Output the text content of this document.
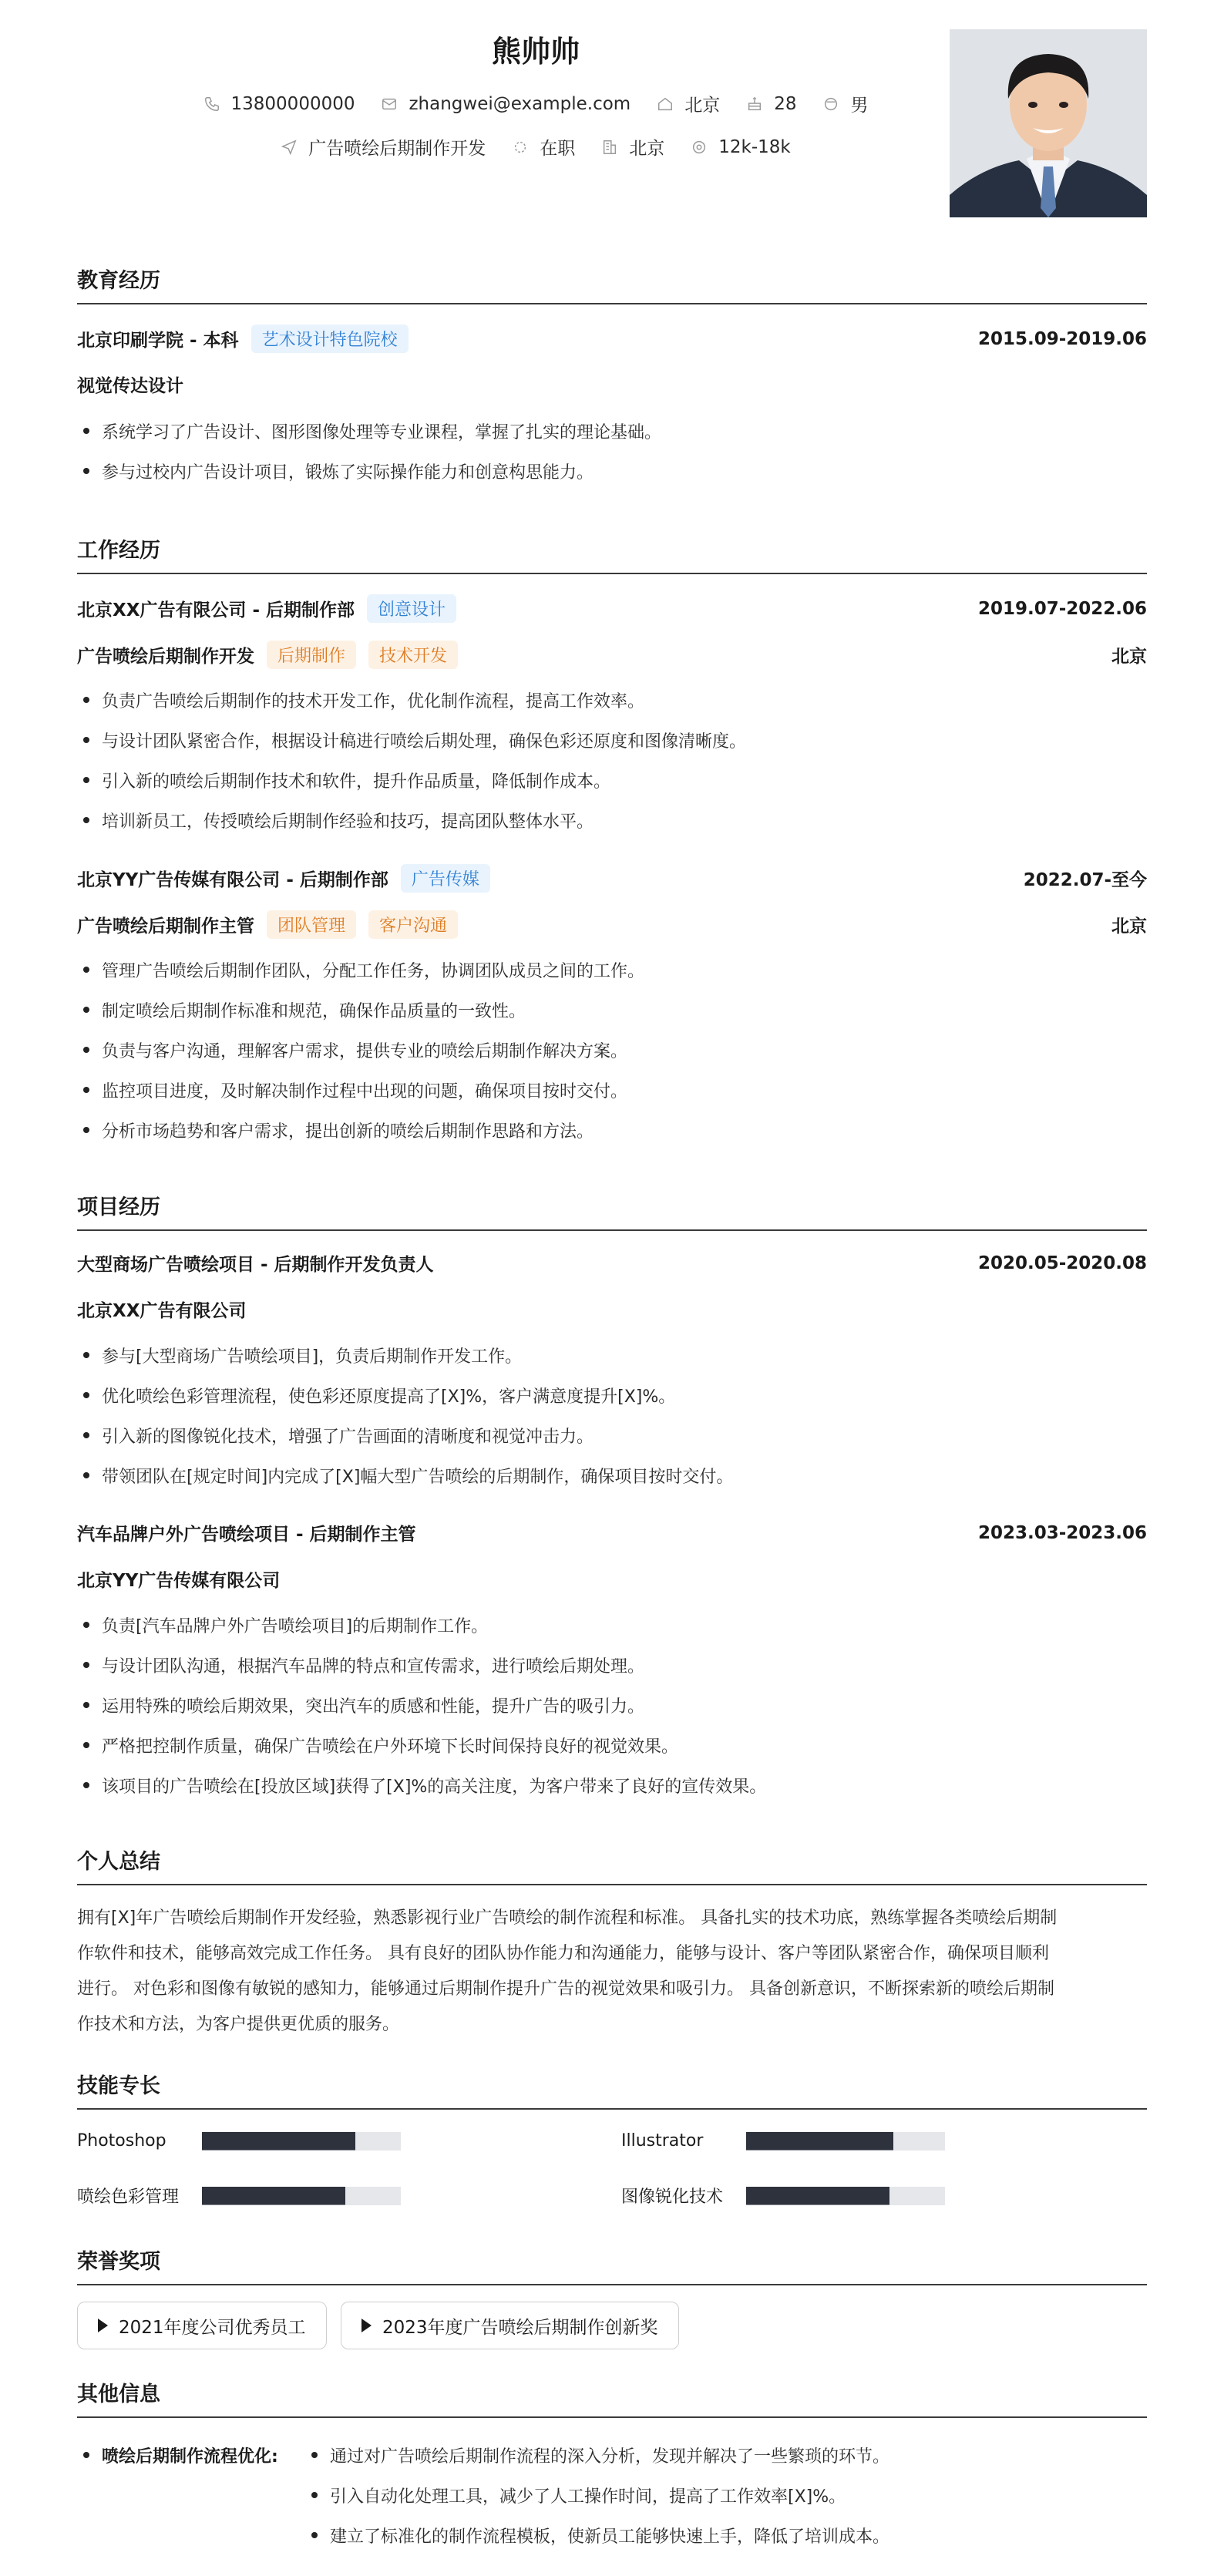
熊帅帅
13800000000	zhangwei@example.com	北京	28	男
广告喷绘后期制作开发	在职	北京	12k-18k
教育经历
北京印刷学院 - 本科	艺术设计特色院校	2015.09-2019.06
视觉传达设计
系统学习了广告设计、图形图像处理等专业课程，掌握了扎实的理论基础。
参与过校内广告设计项目，锻炼了实际操作能力和创意构思能力。
工作经历
北京XX广告有限公司 - 后期制作部	创意设计	2019.07-2022.06
广告喷绘后期制作开发	后期制作	技术开发	北京
负责广告喷绘后期制作的技术开发工作，优化制作流程，提高工作效率。
与设计团队紧密合作，根据设计稿进行喷绘后期处理，确保色彩还原度和图像清晰度。
引入新的喷绘后期制作技术和软件，提升作品质量，降低制作成本。
培训新员工，传授喷绘后期制作经验和技巧，提高团队整体水平。
北京YY广告传媒有限公司 - 后期制作部	广告传媒	2022.07-至今
广告喷绘后期制作主管	团队管理	客户沟通	北京
管理广告喷绘后期制作团队，分配工作任务，协调团队成员之间的工作。
制定喷绘后期制作标准和规范，确保作品质量的一致性。
负责与客户沟通，理解客户需求，提供专业的喷绘后期制作解决方案。
监控项目进度，及时解决制作过程中出现的问题，确保项目按时交付。
分析市场趋势和客户需求，提出创新的喷绘后期制作思路和方法。
项目经历
大型商场广告喷绘项目 - 后期制作开发负责人	2020.05-2020.08
北京XX广告有限公司
参与[大型商场广告喷绘项目]，负责后期制作开发工作。
优化喷绘色彩管理流程，使色彩还原度提高了[X]%，客户满意度提升[X]%。
引入新的图像锐化技术，增强了广告画面的清晰度和视觉冲击力。
带领团队在[规定时间]内完成了[X]幅大型广告喷绘的后期制作，确保项目按时交付。
汽车品牌户外广告喷绘项目 - 后期制作主管	2023.03-2023.06
北京YY广告传媒有限公司
负责[汽车品牌户外广告喷绘项目]的后期制作工作。
与设计团队沟通，根据汽车品牌的特点和宣传需求，进行喷绘后期处理。
运用特殊的喷绘后期效果，突出汽车的质感和性能，提升广告的吸引力。
严格把控制作质量，确保广告喷绘在户外环境下长时间保持良好的视觉效果。
该项目的广告喷绘在[投放区域]获得了[X]%的高关注度，为客户带来了良好的宣传效果。
个人总结
拥有[X]年广告喷绘后期制作开发经验，熟悉影视行业广告喷绘的制作流程和标准。 具备扎实的技术功底，熟练掌握各类喷绘后期制
作软件和技术，能够高效完成工作任务。 具有良好的团队协作能力和沟通能力，能够与设计、客户等团队紧密合作，确保项目顺利
进行。 对色彩和图像有敏锐的感知力，能够通过后期制作提升广告的视觉效果和吸引力。 具备创新意识，不断探索新的喷绘后期制
作技术和方法，为客户提供更优质的服务。
技能专长
Photoshop	Illustrator
喷绘色彩管理	图像锐化技术
荣誉奖项
2021年度公司优秀员工	2023年度广告喷绘后期制作创新奖
其他信息
喷绘后期制作流程优化:	通过对广告喷绘后期制作流程的深入分析，发现并解决了一些繁琐的环节。
引入自动化处理工具，减少了人工操作时间，提高了工作效率[X]%。
建立了标准化的制作流程模板，使新员工能够快速上手，降低了培训成本。
